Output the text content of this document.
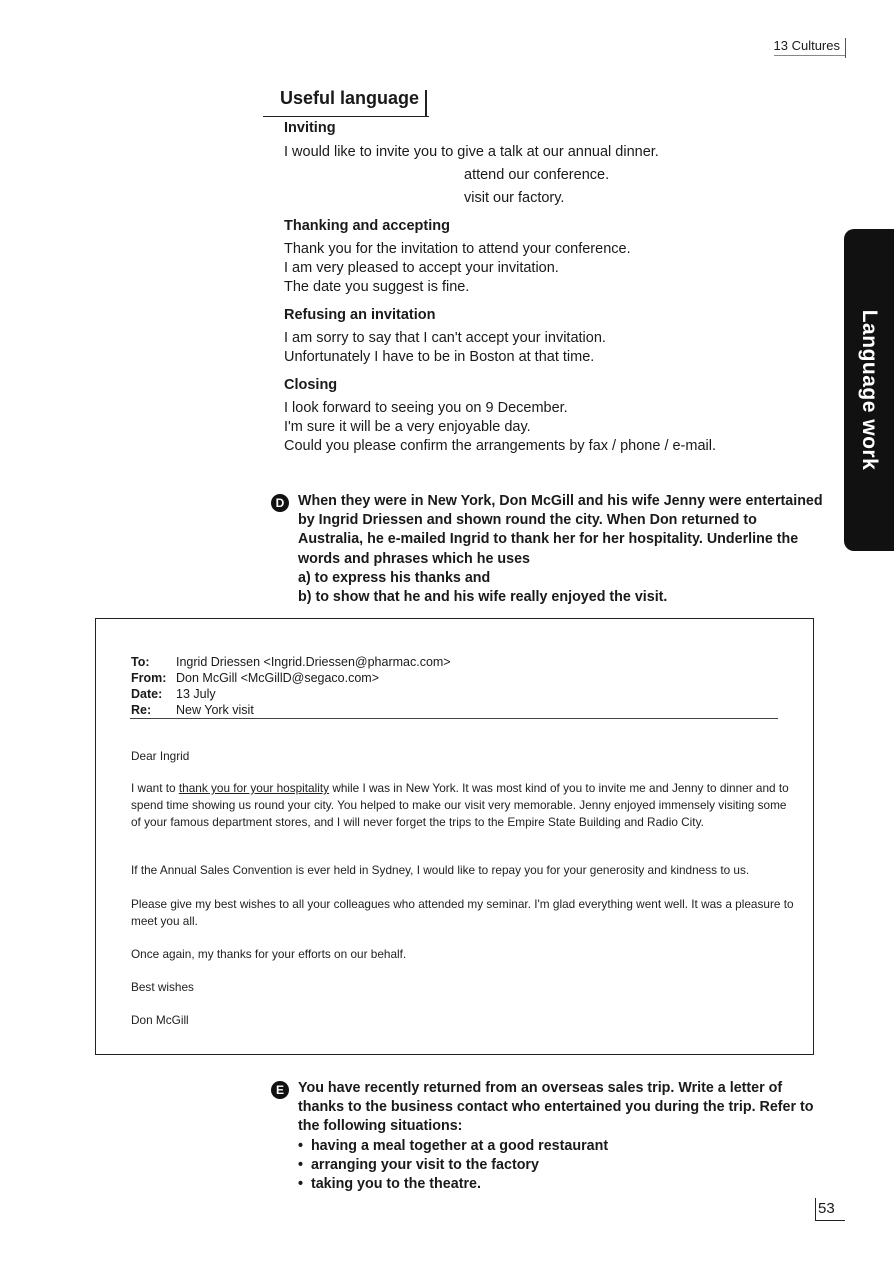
13 Cultures
Language work
Useful language
Inviting
I would like to invite you to give a talk at our annual dinner.
attend our conference.
visit our factory.
Thanking and accepting
Thank you for the invitation to attend your conference.
I am very pleased to accept your invitation.
The date you suggest is fine.
Refusing an invitation
I am sorry to say that I can't accept your invitation.
Unfortunately I have to be in Boston at that time.
Closing
I look forward to seeing you on 9 December.
I'm sure it will be a very enjoyable day.
Could you please confirm the arrangements by fax / phone / e-mail.
D When they were in New York, Don McGill and his wife Jenny were entertained
by Ingrid Driessen and shown round the city. When Don returned to
Australia, he e-mailed Ingrid to thank her for her hospitality. Underline the
words and phrases which he uses
a) to express his thanks and
b) to show that he and his wife really enjoyed the visit.
To: Ingrid Driessen <Ingrid.Driessen@pharmac.com>
From: Don McGill <McGillD@segaco.com>
Date: 13 July
Re: New York visit
Dear Ingrid
I want to thank you for your hospitality while I was in New York. It was most kind of you to invite me and Jenny to dinner and to spend time showing us round your city. You helped to make our visit very memorable. Jenny enjoyed immensely visiting some of your famous department stores, and I will never forget the trips to the Empire State Building and Radio City.
If the Annual Sales Convention is ever held in Sydney, I would like to repay you for your generosity and kindness to us.
Please give my best wishes to all your colleagues who attended my seminar. I'm glad everything went well. It was a pleasure to meet you all.
Once again, my thanks for your efforts on our behalf.
Best wishes
Don McGill
E You have recently returned from an overseas sales trip. Write a letter of
thanks to the business contact who entertained you during the trip. Refer to
the following situations:
•  having a meal together at a good restaurant
•  arranging your visit to the factory
•  taking you to the theatre.
53
